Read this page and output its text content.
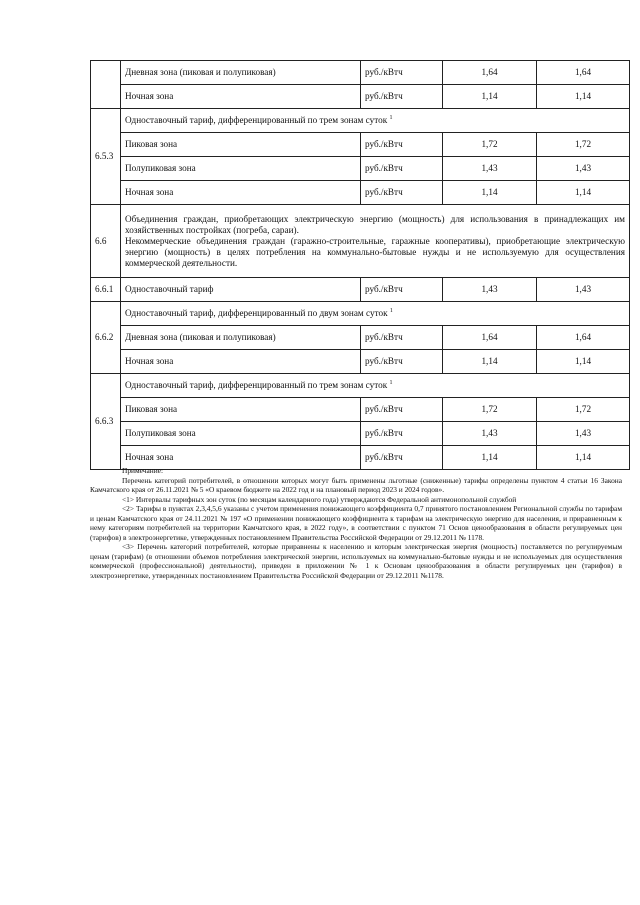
	Дневная зона (пиковая и полупиковая)	руб./кВтч	1,64	1,64
	Ночная зона	руб./кВтч	1,14	1,14
6.5.3	Одноставочный тариф, дифференцированный по трем зонам суток $^1$
	Пиковая зона	руб./кВтч	1,72	1,72
	Полупиковая зона	руб./кВтч	1,43	1,43
	Ночная зона	руб./кВтч	1,14	1,14
6.6	Объединения граждан, приобретающих электрическую энергию (мощность) для использования в принадлежащих им хозяйственных постройках (погреба, сараи).

Некоммерческие объединения граждан (гаражно-строительные, гаражные кооперативы), приобретающие электрическую энергию (мощность) в целях потребления на коммунально-бытовые нужды и не используемую для осуществления коммерческой деятельности.			

6.6.1	Одноставочный тариф	руб./кВтч	1,43	1,43
6.6.2	Одноставочный тариф, дифференцированный по двум зонам суток $^1$
	Дневная зона (пиковая и полупиковая)	руб./кВтч	1,64	1,64
	Ночная зона	руб./кВтч	1,14	1,14
6.6.3	Одноставочный тариф, дифференцированный по трем зонам суток $^1$
	Пиковая зона	руб./кВтч	1,72	1,72
	Полупиковая зона	руб./кВтч	1,43	1,43
	Ночная зона	руб./кВтч	1,14	1,14

Примечание:

Перечень категорий потребителей, в отношении которых могут быть применены льготные (сниженные) тарифы определены пунктом 4 статьи 16 Закона Камчатского края от 26.11.2021 № 5 «О краевом бюджете на 2022 год и на плановый период 2023 и 2024 годов».

<1> Интервалы тарифных зон суток (по месяцам календарного года) утверждаются Федеральной антимонопольной службой

<2> Тарифы в пунктах 2,3,4,5,6 указаны с учетом применения понижающего коэффициента 0,7 принятого постановлением Региональной службы по тарифам и ценам Камчатского края от 24.11.2021 № 197 «О применении понижающего коэффициента к тарифам на электрическую энергию для населения, и приравненным к нему категориям потребителей на территории Камчатского края, в 2022 году», в соответствии с пунктом 71 Основ ценообразования в области регулируемых цен (тарифов) в электроэнергетике, утвержденных постановлением Правительства Российской Федерации от 29.12.2011 № 1178.

<3> Перечень категорий потребителей, которые приравнены к населению и которым электрическая энергия (мощность) поставляется по регулируемым ценам (тарифам) (в отношении объемов потребления электрической энергии, используемых на коммунально-бытовые нужды и не используемых для осуществления коммерческой (профессиональной) деятельности), приведен в приложении № 1 к Основам ценообразования в области регулируемых цен (тарифов) в электроэнергетике, утвержденных постановлением Правительства Российской Федерации от 29.12.2011 №1178.
